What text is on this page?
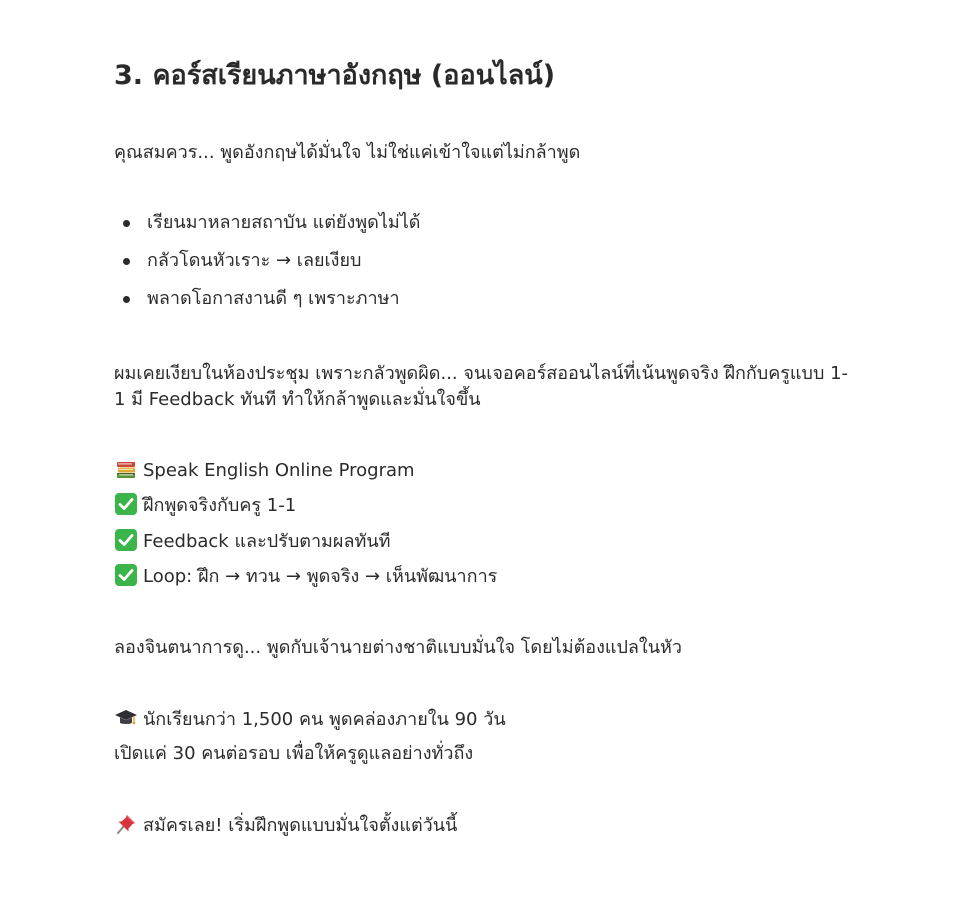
3. คอร์สเรียนภาษาอังกฤษ (ออนไลน์)

คุณสมควร... พูดอังกฤษได้มั่นใจ ไม่ใช่แค่เข้าใจแต่ไม่กล้าพูด

เรียนมาหลายสถาบัน แต่ยังพูดไม่ได้
กลัวโดนหัวเราะ → เลยเงียบ
พลาดโอกาสงานดี ๆ เพราะภาษา

ผมเคยเงียบในห้องประชุม เพราะกลัวพูดผิด... จนเจอคอร์สออนไลน์ที่เน้นพูดจริง ฝึกกับครูแบบ 1-1 มี Feedback ทันที ทำให้กล้าพูดและมั่นใจขึ้น

Speak English Online Program
ฝึกพูดจริงกับครู 1-1
Feedback และปรับตามผลทันที
Loop: ฝึก → ทวน → พูดจริง → เห็นพัฒนาการ

ลองจินตนาการดู... พูดกับเจ้านายต่างชาติแบบมั่นใจ โดยไม่ต้องแปลในหัว

นักเรียนกว่า 1,500 คน พูดคล่องภายใน 90 วัน

เปิดแค่ 30 คนต่อรอบ เพื่อให้ครูดูแลอย่างทั่วถึง

สมัครเลย! เริ่มฝึกพูดแบบมั่นใจตั้งแต่วันนี้
